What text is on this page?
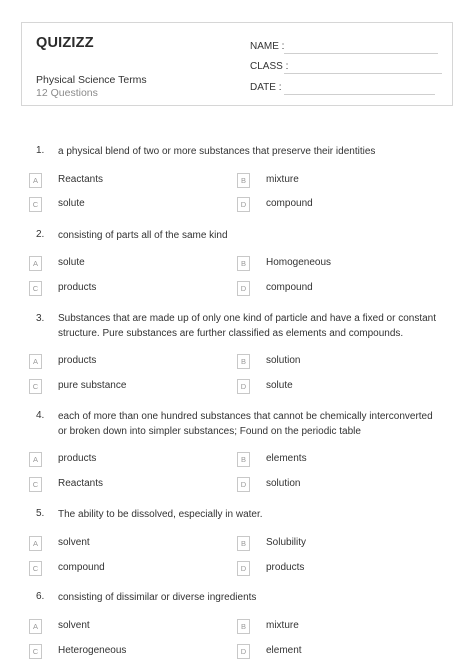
QUIZIZZ
Physical Science Terms
12 Questions
NAME :
CLASS :
DATE :
1. a physical blend of two or more substances that preserve their identities
A	Reactants	B	mixture
C	solute	D	compound
2. consisting of parts all of the same kind
A	solute	B	Homogeneous
C	products	D	compound
3. Substances that are made up of only one kind of particle and have a fixed or constant structure. Pure substances are further classified as elements and compounds.
A	products	B	solution
C	pure substance	D	solute
4. each of more than one hundred substances that cannot be chemically interconverted or broken down into simpler substances; Found on the periodic table
A	products	B	elements
C	Reactants	D	solution
5. The ability to be dissolved, especially in water.
A	solvent	B	Solubility
C	compound	D	products
6. consisting of dissimilar or diverse ingredients
A	solvent	B	mixture
C	Heterogeneous	D	element
